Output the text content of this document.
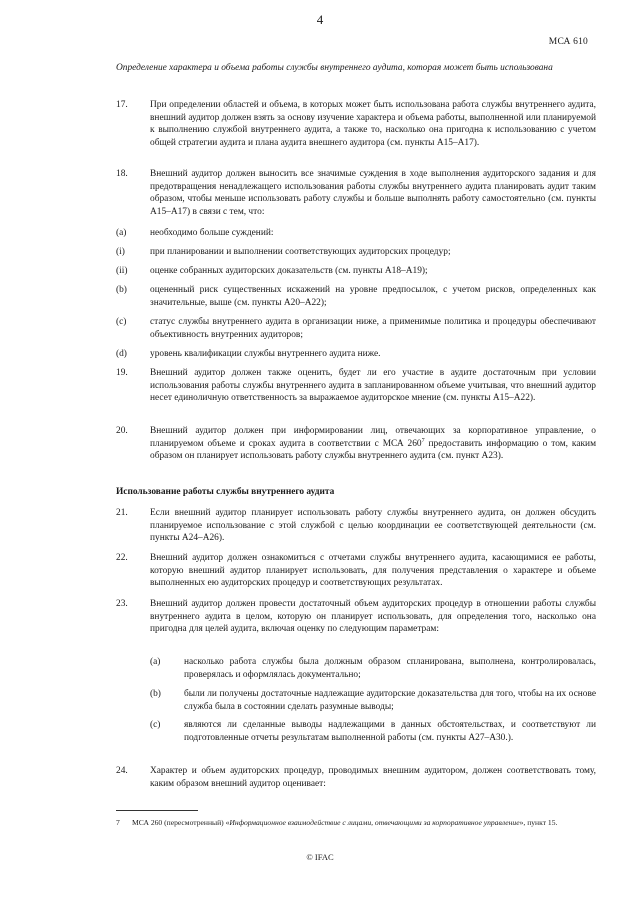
4
МСА 610
Определение характера и объема работы службы внутреннего аудита, которая может быть использована
17. При определении областей и объема, в которых может быть использована работа службы внутреннего аудита, внешний аудитор должен взять за основу изучение характера и объема работы, выполненной или планируемой к выполнению службой внутреннего аудита, а также то, насколько она пригодна к использованию с учетом общей стратегии аудита и плана аудита внешнего аудитора (см. пункты A15–A17).
18. Внешний аудитор должен выносить все значимые суждения в ходе выполнения аудиторского задания и для предотвращения ненадлежащего использования работы службы внутреннего аудита планировать аудит таким образом, чтобы меньше использовать работу службы и больше выполнять работу самостоятельно (см. пункты A15–A17) в связи с тем, что:
(a)	необходимо больше суждений:
(i)	при планировании и выполнении соответствующих аудиторских процедур;
(ii) оценке собранных аудиторских доказательств (см. пункты A18–A19);
(b) оцененный риск существенных искажений на уровне предпосылок, с учетом рисков, определенных как значительные, выше (см. пункты A20–A22);
(c)	статус службы внутреннего аудита в организации ниже, а применимые политика и процедуры обеспечивают объективность внутренних аудиторов;
(d) уровень квалификации службы внутреннего аудита ниже.
19. Внешний аудитор должен также оценить, будет ли его участие в аудите достаточным при условии использования работы службы внутреннего аудита в запланированном объеме учитывая, что внешний аудитор несет единоличную ответственность за выражаемое аудиторское мнение (см. пункты A15–A22).
20. Внешний аудитор должен при информировании лиц, отвечающих за корпоративное управление, о планируемом объеме и сроках аудита в соответствии с МСА $260^7$ предоставить информацию о том, каким образом он планирует использовать работу службы внутреннего аудита (см. пункт A23).
Использование работы службы внутреннего аудита
21. Если внешний аудитор планирует использовать работу службы внутреннего аудита, он должен обсудить планируемое использование с этой службой с целью координации ее соответствующей деятельности (см. пункты A24–A26).
22. Внешний аудитор должен ознакомиться с отчетами службы внутреннего аудита, касающимися ее работы, которую внешний аудитор планирует использовать, для получения представления о характере и объеме выполненных ею аудиторских процедур и соответствующих результатах.
23. Внешний аудитор должен провести достаточный объем аудиторских процедур в отношении работы службы внутреннего аудита в целом, которую он планирует использовать, для определения того, насколько она пригодна для целей аудита, включая оценку по следующим параметрам:
(a)	насколько работа службы была должным образом спланирована, выполнена, контролировалась, проверялась и оформлялась документально;
(b) были ли получены достаточные надлежащие аудиторские доказательства для того, чтобы на их основе служба была в состоянии сделать разумные выводы;
(c)	являются ли сделанные выводы надлежащими в данных обстоятельствах, и соответствуют ли подготовленные отчеты результатам выполненной работы (см. пункты A27–A30.).
24. Характер и объем аудиторских процедур, проводимых внешним аудитором, должен соответствовать тому, каким образом внешний аудитор оценивает:
7 МСА 260 (пересмотренный) «Информационное взаимодействие с лицами, отвечающими за корпоративное управление», пункт 15.
© IFAC
